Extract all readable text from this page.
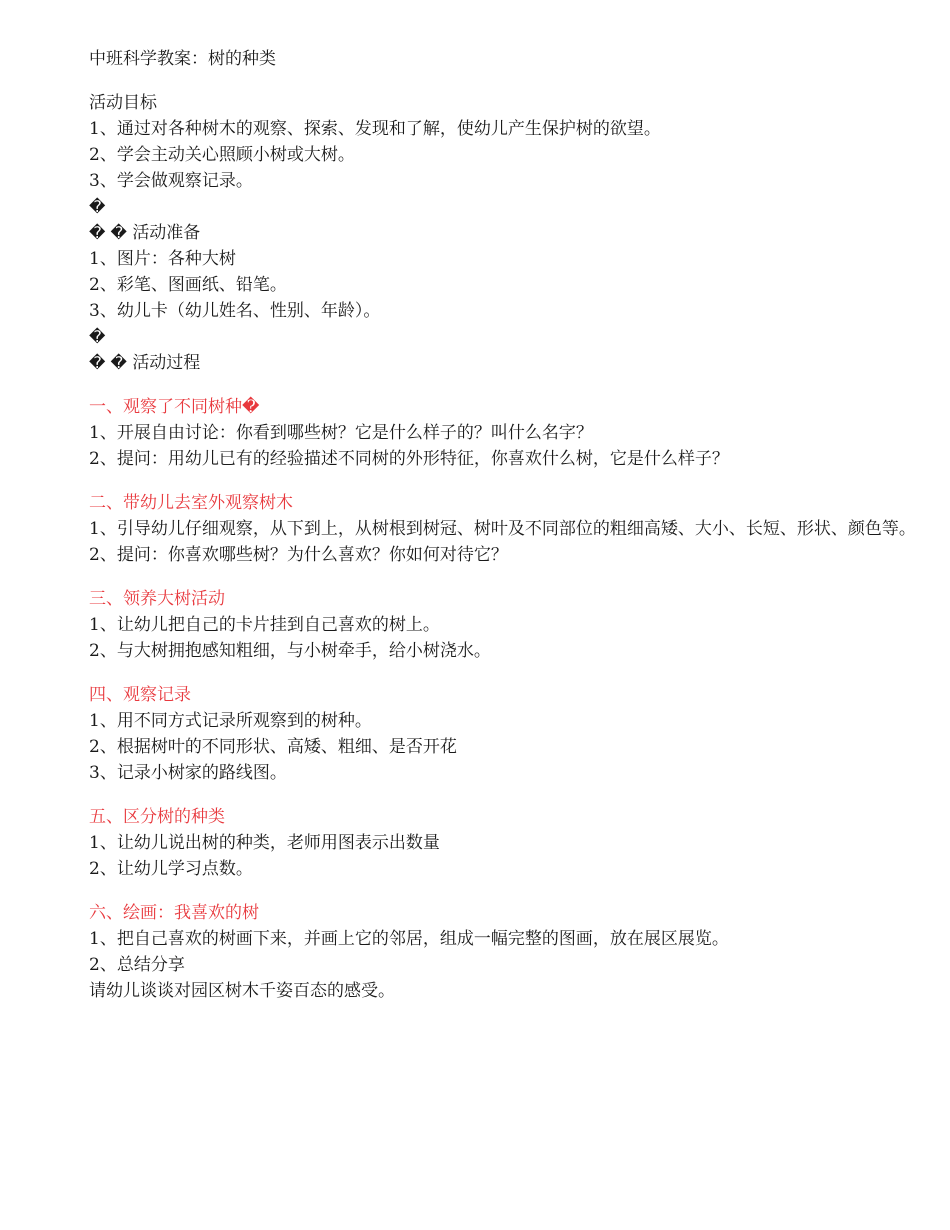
中班科学教案：树的种类
活动目标
1、通过对各种树木的观察、探索、发现和了解，使幼儿产生保护树的欲望。
2、学会主动关心照顾小树或大树。
3、学会做观察记录。
�
� � 活动准备
1、图片：各种大树
2、彩笔、图画纸、铅笔。
3、幼儿卡（幼儿姓名、性别、年龄）。
�
� � 活动过程
一、观察了不同树种�
1、开展自由讨论：你看到哪些树？它是什么样子的？叫什么名字？
2、提问：用幼儿已有的经验描述不同树的外形特征，你喜欢什么树，它是什么样子？
二、带幼儿去室外观察树木
1、引导幼儿仔细观察，从下到上，从树根到树冠、树叶及不同部位的粗细高矮、大小、长短、形状、颜色等。
2、提问：你喜欢哪些树？为什么喜欢？你如何对待它？
三、领养大树活动
1、让幼儿把自己的卡片挂到自己喜欢的树上。
2、与大树拥抱感知粗细，与小树牵手，给小树浇水。
四、观察记录
1、用不同方式记录所观察到的树种。
2、根据树叶的不同形状、高矮、粗细、是否开花
3、记录小树家的路线图。
五、区分树的种类
1、让幼儿说出树的种类，老师用图表示出数量
2、让幼儿学习点数。
六、绘画：我喜欢的树
1、把自己喜欢的树画下来，并画上它的邻居，组成一幅完整的图画，放在展区展览。
2、总结分享
请幼儿谈谈对园区树木千姿百态的感受。
